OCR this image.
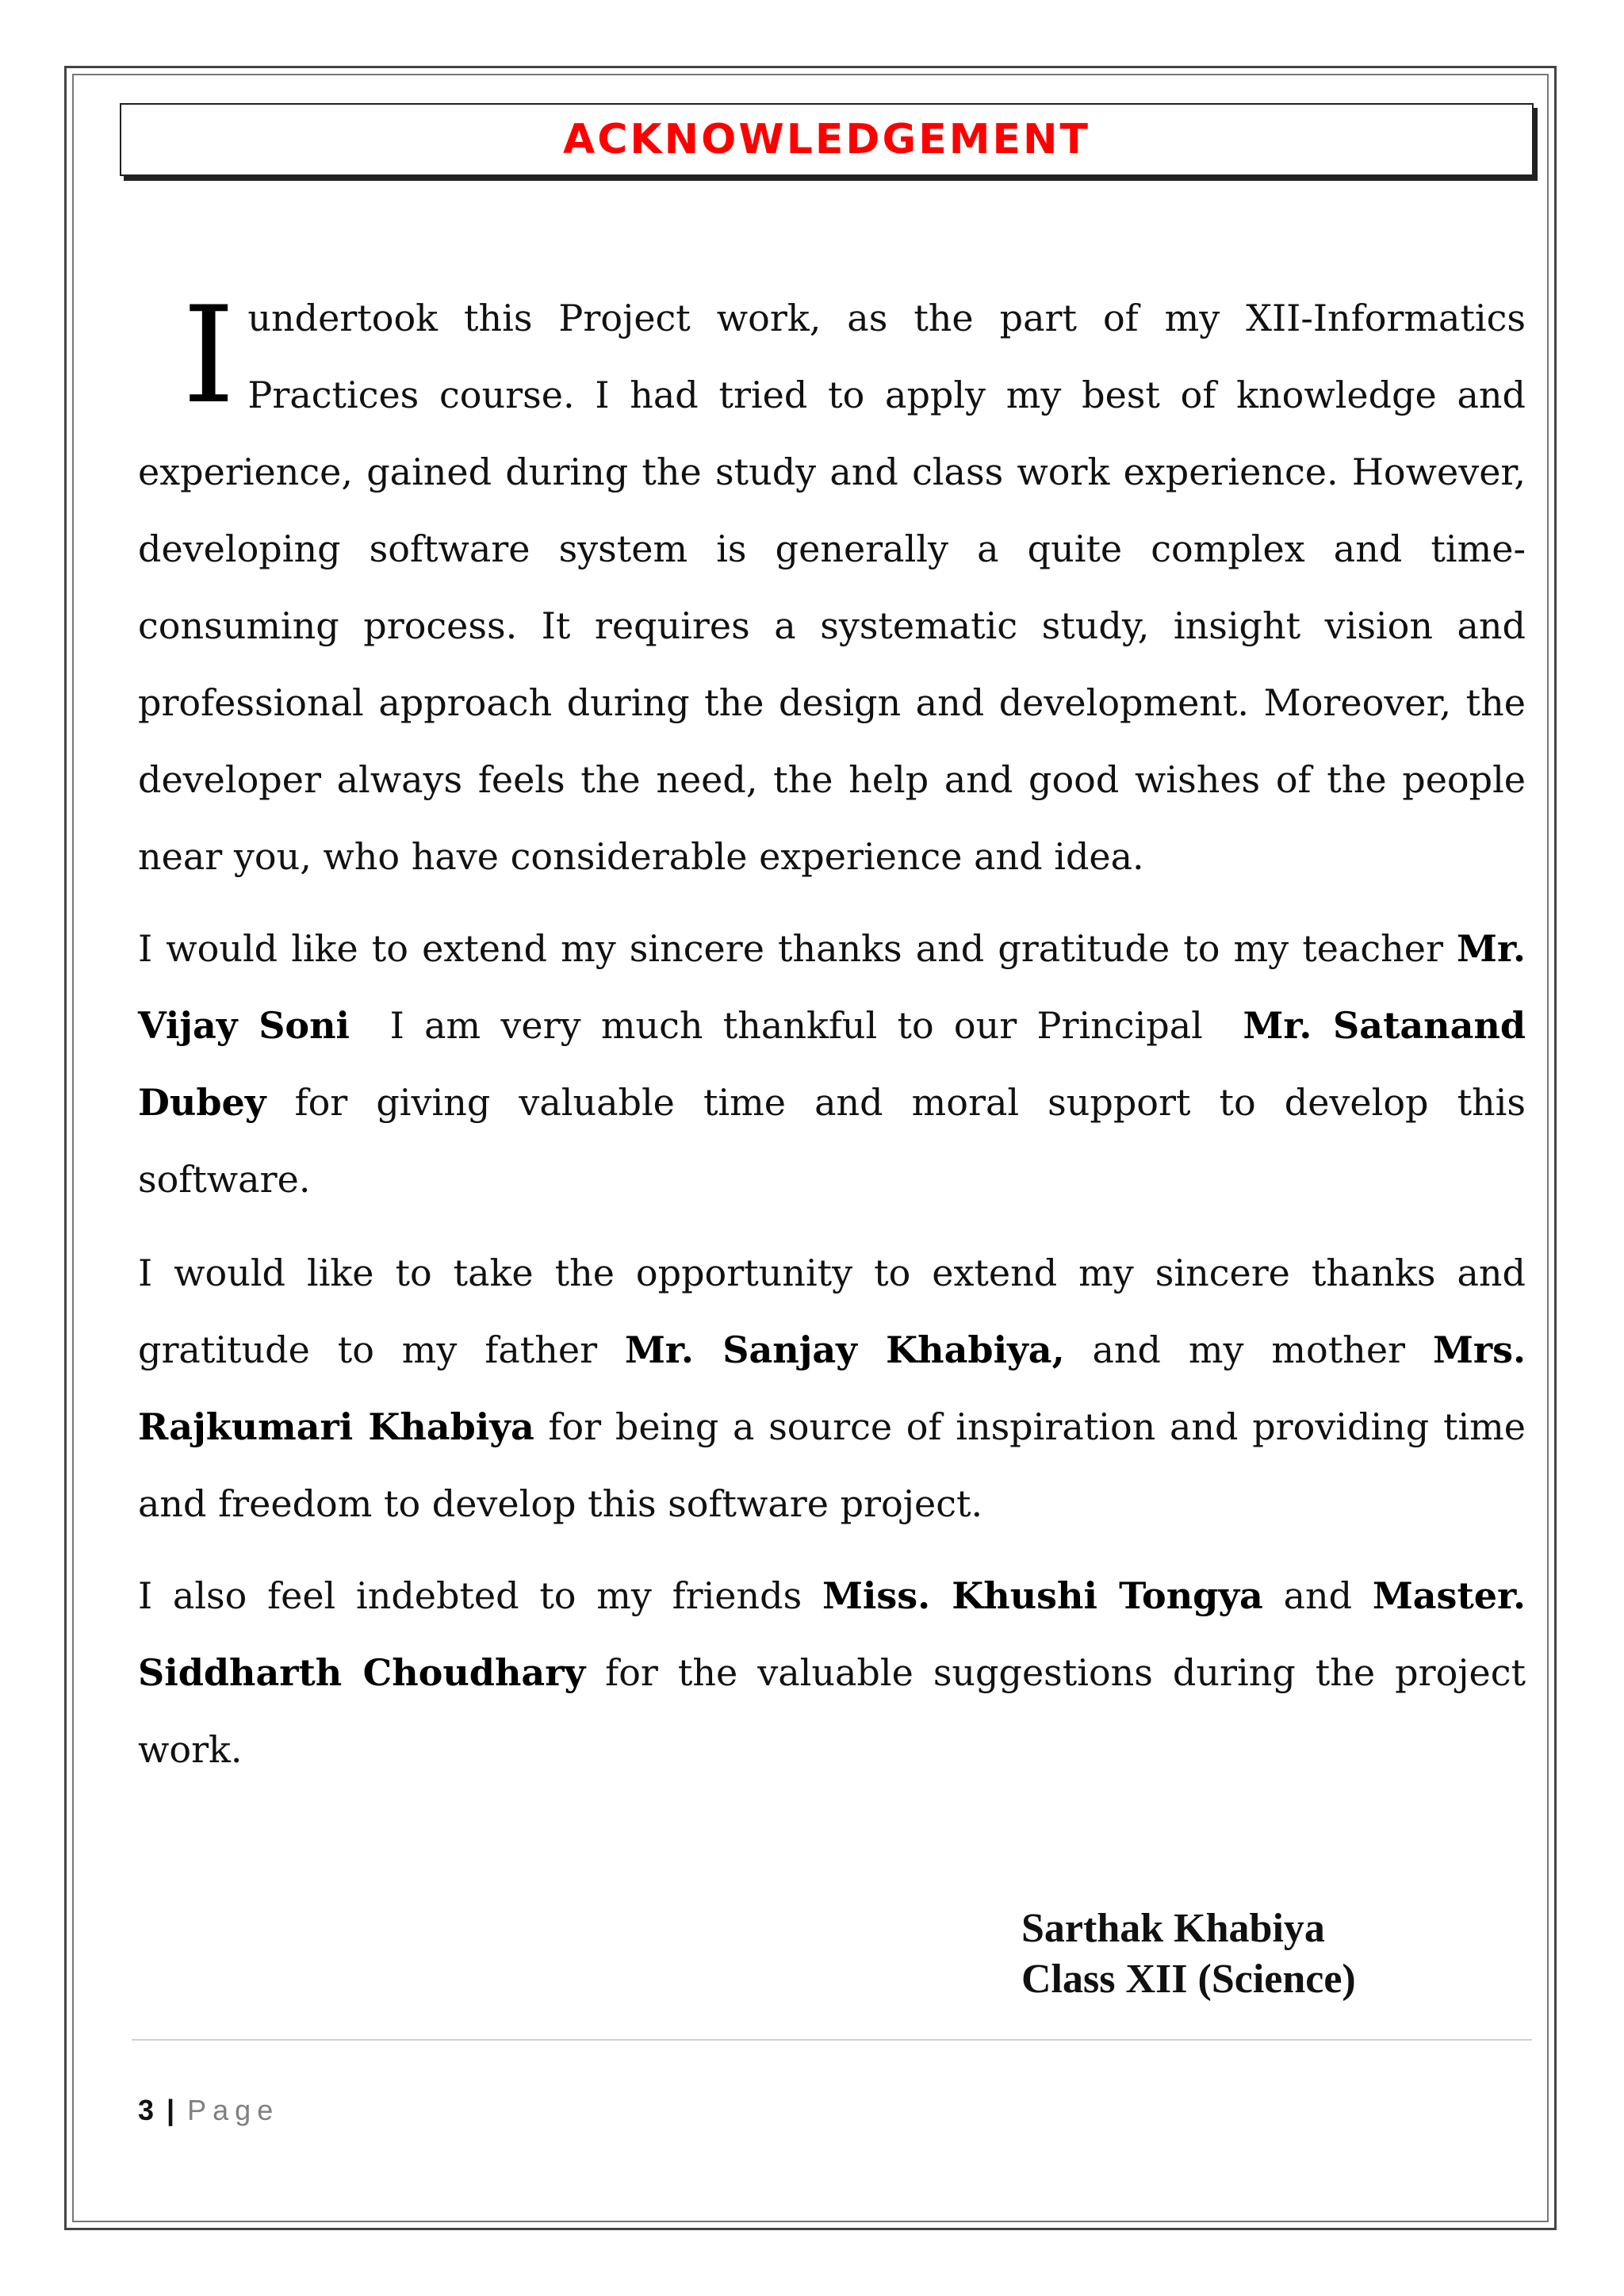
ACKNOWLEDGEMENT

Iundertook this Project work, as the part of my XII-Informatics Practices course. I had tried to apply my best of knowledge and experience, gained during the study and class work experience. However, developing software system is generally a quite complex and time-consuming process. It requires a systematic study, insight vision and professional approach during the design and development. Moreover, the developer always feels the need, the help and good wishes of the people near you, who have considerable experience and idea.

I would like to extend my sincere thanks and gratitude to my teacher Mr. Vijay Soni  I am very much thankful to our Principal  Mr. Satanand Dubey for giving valuable time and moral support to develop this software.

I would like to take the opportunity to extend my sincere thanks and gratitude to my father Mr. Sanjay Khabiya, and my mother Mrs. Rajkumari Khabiya for being a source of inspiration and providing time and freedom to develop this software project.

I also feel indebted to my friends Miss. Khushi Tongya and Master. Siddharth Choudhary for the valuable suggestions during the project work.

Sarthak Khabiya
Class XII (Science)
3 | Page
